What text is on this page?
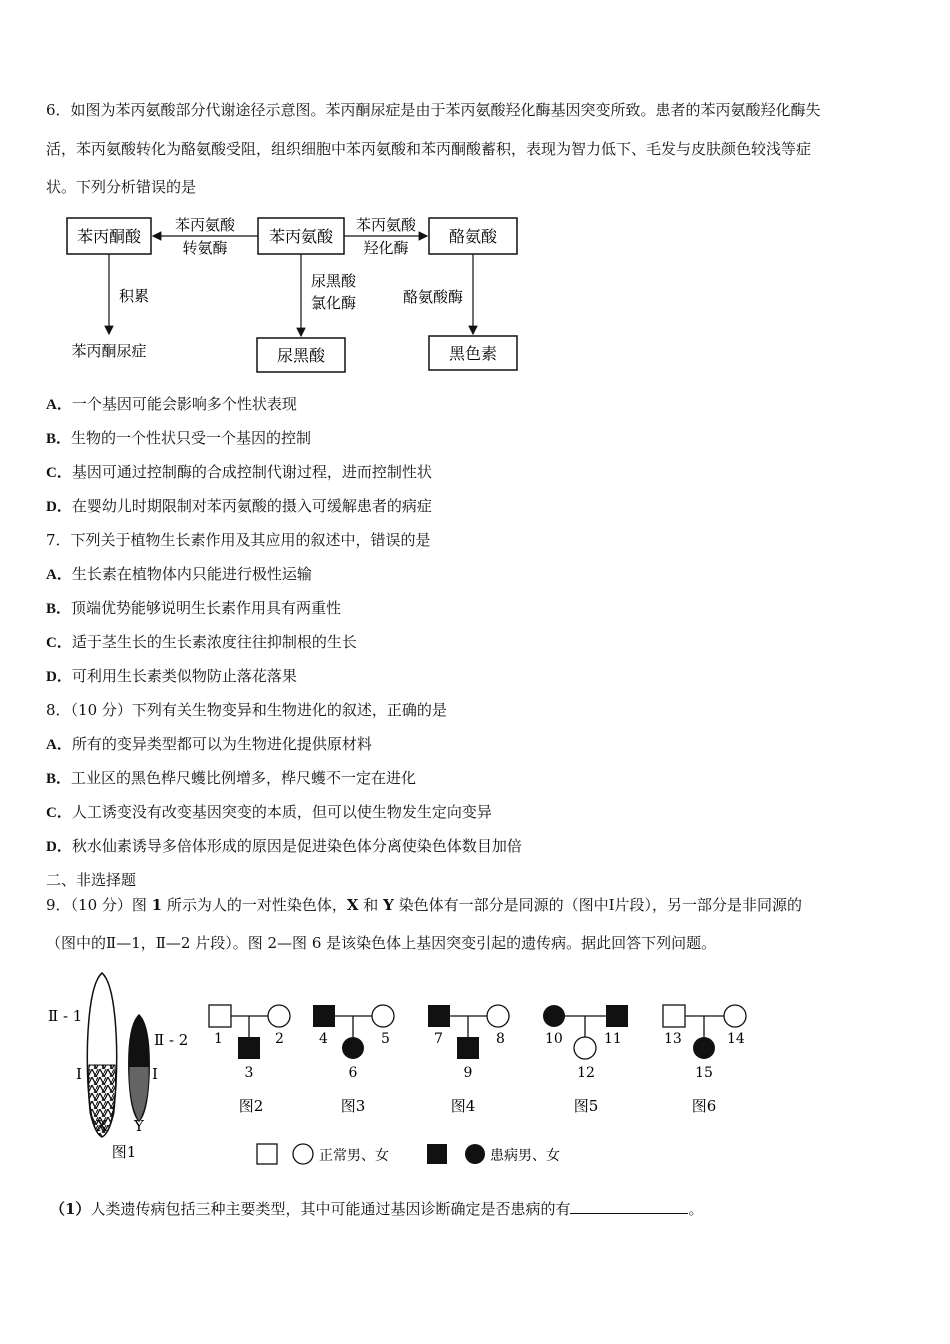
6．如图为苯丙氨酸部分代谢途径示意图。苯丙酮尿症是由于苯丙氨酸羟化酶基因突变所致。患者的苯丙氨酸羟化酶失
活，苯丙氨酸转化为酪氨酸受阻，组织细胞中苯丙氨酸和苯丙酮酸蓄积，表现为智力低下、毛发与皮肤颜色较浅等症
状。下列分析错误的是
苯丙酮酸	苯丙氨酸	酪氨酸
苯丙氨酸
转氨酶
苯丙氨酸
羟化酶
积累
苯丙酮尿症
尿黑酸
氯化酶
尿黑酸
酪氨酸酶
黑色素
A．一个基因可能会影响多个性状表现
B．生物的一个性状只受一个基因的控制
C．基因可通过控制酶的合成控制代谢过程，进而控制性状
D．在婴幼儿时期限制对苯丙氨酸的摄入可缓解患者的病症
7．下列关于植物生长素作用及其应用的叙述中，错误的是
A．生长素在植物体内只能进行极性运输
B．顶端优势能够说明生长素作用具有两重性
C．适于茎生长的生长素浓度往往抑制根的生长
D．可利用生长素类似物防止落花落果
8．（10 分）下列有关生物变异和生物进化的叙述，正确的是
A．所有的变异类型都可以为生物进化提供原材料
B．工业区的黑色桦尺蠖比例增多，桦尺蠖不一定在进化
C．人工诱变没有改变基因突变的本质，但可以使生物发生定向变异
D．秋水仙素诱导多倍体形成的原因是促进染色体分离使染色体数目加倍
二、非选择题
9．（10 分）图 1 所示为人的一对性染色体，X 和 Y 染色体有一部分是同源的（图中Ⅰ片段），另一部分是非同源的
（图中的Ⅱ—1，Ⅱ—2 片段）。图 2—图 6 是该染色体上基因突变引起的遗传病。据此回答下列问题。
Ⅱ - 1
Ⅱ - 2
Ⅰ	Ⅰ
X Y
图1
1	2
3
图2
4	5
6
图3
7	8
9
图4
10	11
12
图5
13	14
15
图6
正常男、女	患病男、女
（1）人类遗传病包括三种主要类型，其中可能通过基因诊断确定是否患病的有	。
